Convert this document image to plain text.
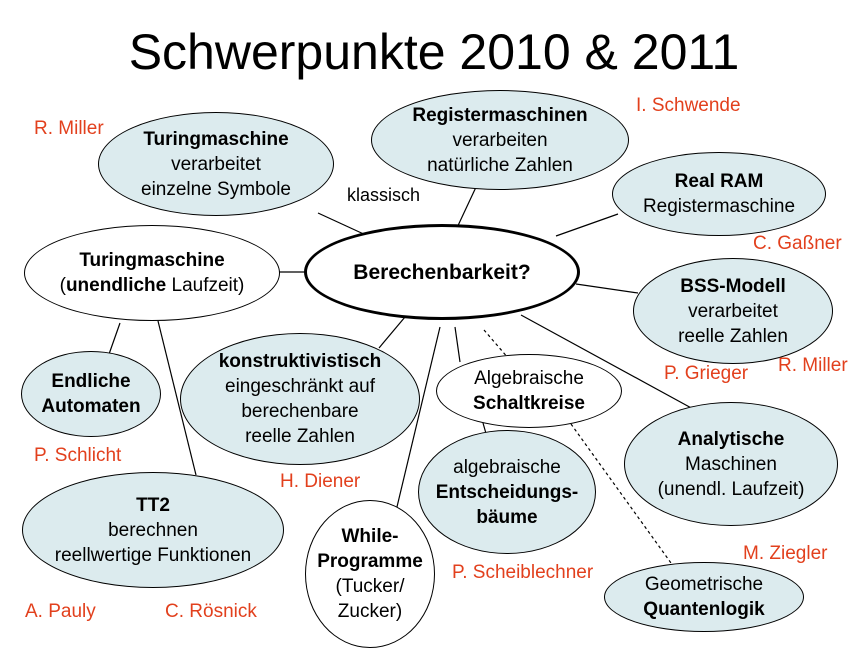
Schwerpunkte 2010 & 2011
Turingmaschine
verarbeitet
einzelne Symbole
Registermaschinen
verarbeiten
natürliche Zahlen
Real RAM
Registermaschine
Turingmaschine
(unendliche Laufzeit)
Berechenbarkeit?
BSS-Modell
verarbeitet
reelle Zahlen
Endliche
Automaten
konstruktivistisch
eingeschränkt auf
berechenbare
reelle Zahlen
Algebraische
Schaltkreise
Analytische
Maschinen
(unendl. Laufzeit)
algebraische
Entscheidungs-
bäume
TT2
berechnen
reellwertige Funktionen
While-
Programme
(Tucker/
Zucker)
Geometrische
Quantenlogik
klassisch
R. Miller
I. Schwende
C. Gaßner
P. Grieger R. Miller
P. Schlicht
H. Diener
M. Ziegler
P. Scheiblechner
A. Pauly	C. Rösnick
